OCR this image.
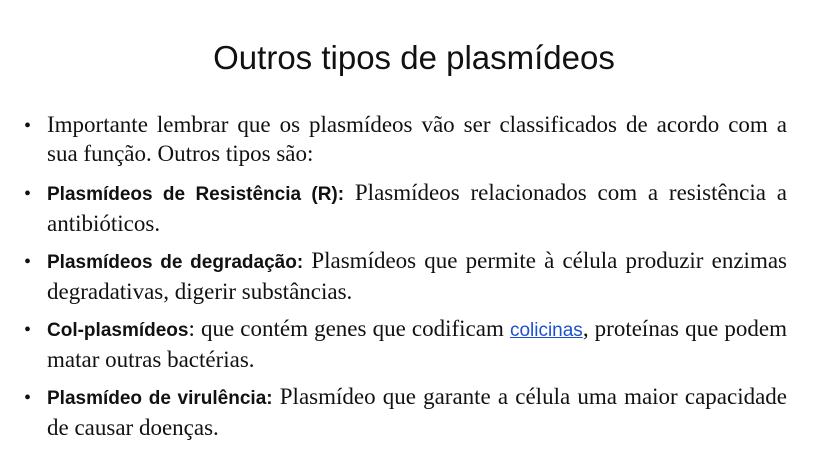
Outros tipos de plasmídeos
• Importante lembrar que os plasmídeos vão ser classificados de acordo com a sua função. Outros tipos são:
• Plasmídeos de Resistência (R): Plasmídeos relacionados com a resistência a antibióticos.
• Plasmídeos de degradação: Plasmídeos que permite à célula produzir enzimas degradativas, digerir substâncias.
• Col-plasmídeos: que contém genes que codificam colicinas, proteínas que podem matar outras bactérias.
• Plasmídeo de virulência: Plasmídeo que garante a célula uma maior capacidade de causar doenças.
